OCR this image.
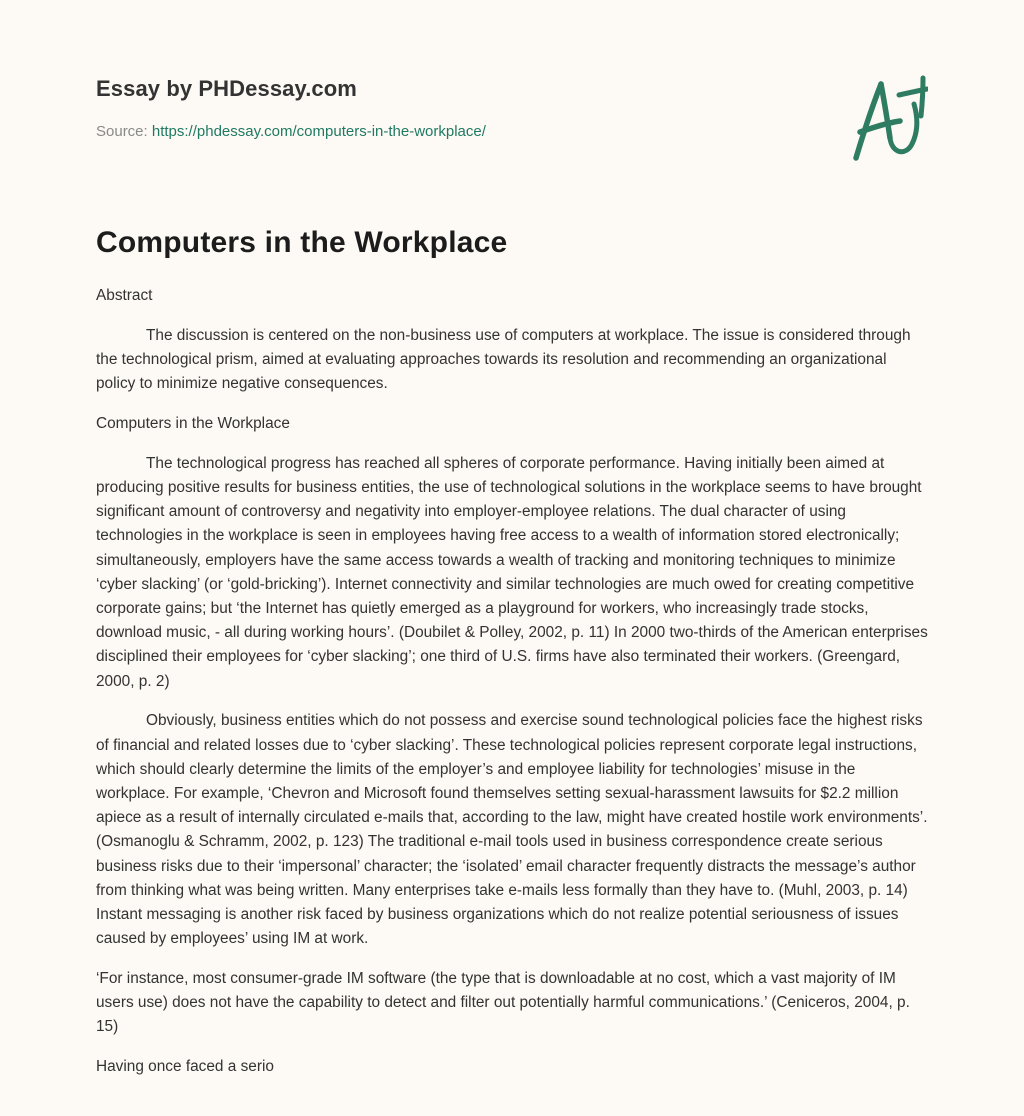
Essay by PHDessay.com
Source: https://phdessay.com/computers-in-the-workplace/
Computers in the Workplace

Abstract

The discussion is centered on the non-business use of computers at workplace. The issue is considered through the technological prism, aimed at evaluating approaches towards its resolution and recommending an organizational policy to minimize negative consequences.

Computers in the Workplace

The technological progress has reached all spheres of corporate performance. Having initially been aimed at producing positive results for business entities, the use of technological solutions in the workplace seems to have brought significant amount of controversy and negativity into employer-employee relations. The dual character of using technologies in the workplace is seen in employees having free access to a wealth of information stored electronically; simultaneously, employers have the same access towards a wealth of tracking and monitoring techniques to minimize ‘cyber slacking’ (or ‘gold-bricking’). Internet connectivity and similar technologies are much owed for creating competitive corporate gains; but ‘the Internet has quietly emerged as a playground for workers, who increasingly trade stocks, download music, - all during working hours’. (Doubilet & Polley, 2002, p. 11) In 2000 two-thirds of the American enterprises disciplined their employees for ‘cyber slacking’; one third of U.S. firms have also terminated their workers. (Greengard, 2000, p. 2)

Obviously, business entities which do not possess and exercise sound technological policies face the highest risks of financial and related losses due to ‘cyber slacking’. These technological policies represent corporate legal instructions, which should clearly determine the limits of the employer’s and employee liability for technologies’ misuse in the workplace. For example, ‘Chevron and Microsoft found themselves setting sexual-harassment lawsuits for $2.2 million apiece as a result of internally circulated e-mails that, according to the law, might have created hostile work environments’. (Osmanoglu & Schramm, 2002, p. 123) The traditional e-mail tools used in business correspondence create serious business risks due to their ‘impersonal’ character; the ‘isolated’ email character frequently distracts the message’s author from thinking what was being written. Many enterprises take e-mails less formally than they have to. (Muhl, 2003, p. 14) Instant messaging is another risk faced by business organizations which do not realize potential seriousness of issues caused by employees’ using IM at work.

‘For instance, most consumer-grade IM software (the type that is downloadable at no cost, which a vast majority of IM users use) does not have the capability to detect and filter out potentially harmful communications.’ (Ceniceros, 2004, p. 15)

Having once faced a serio
